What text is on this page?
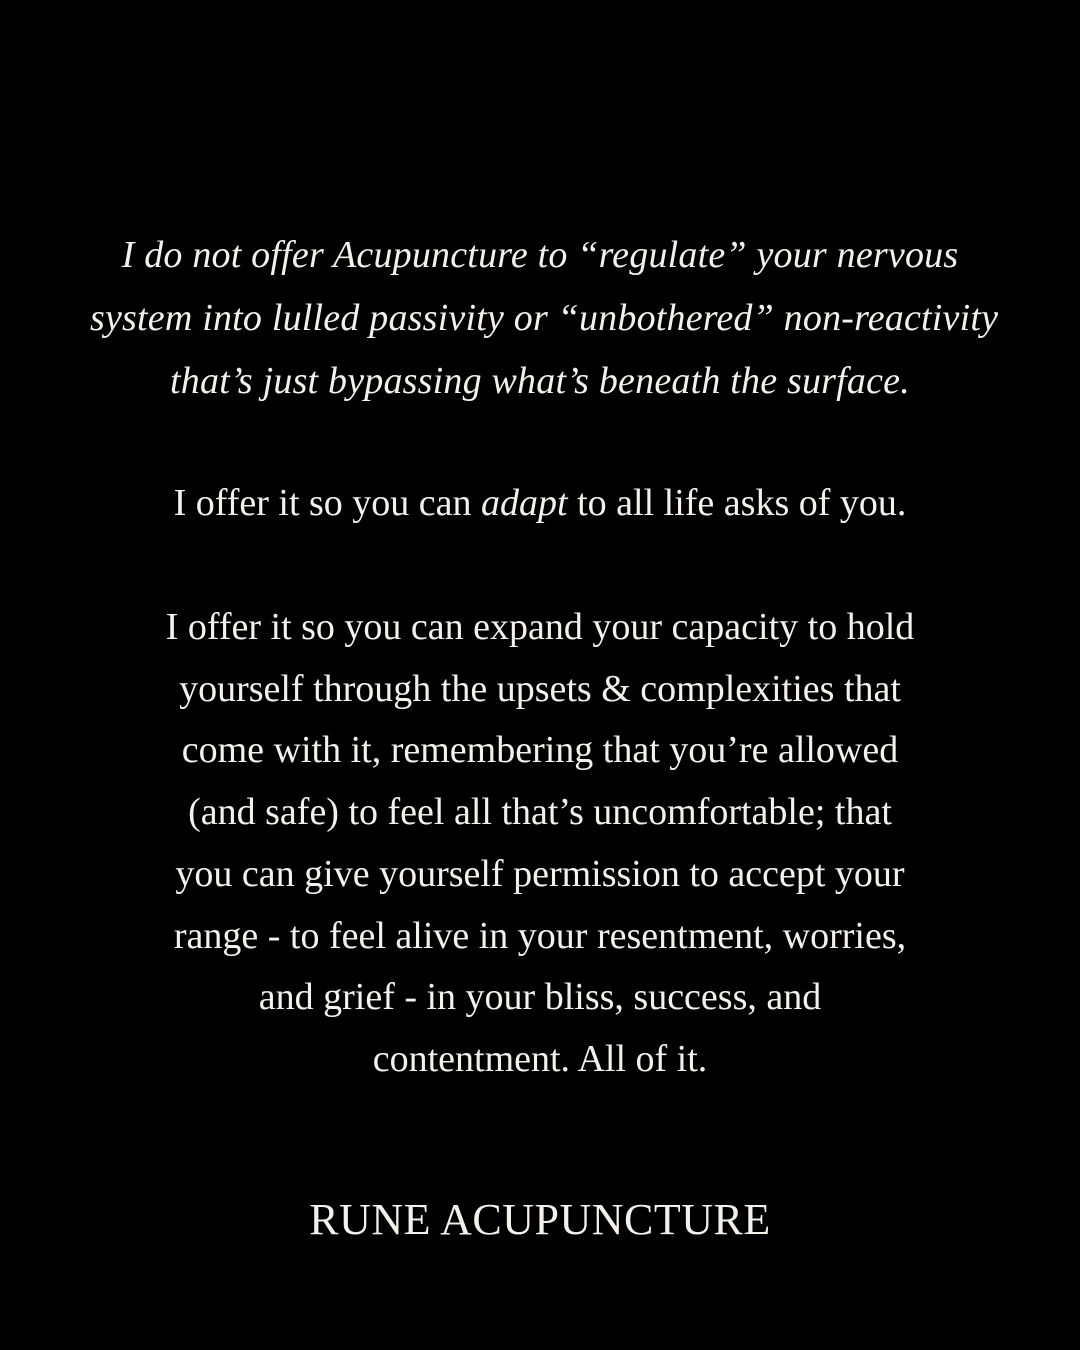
I do not offer Acupuncture to “regulate” your nervous
system into lulled passivity or “unbothered” non-reactivity
that’s just bypassing what’s beneath the surface.
I offer it so you can adapt to all life asks of you.
I offer it so you can expand your capacity to hold
yourself through the upsets & complexities that
come with it, remembering that you’re allowed
(and safe) to feel all that’s uncomfortable; that
you can give yourself permission to accept your
range - to feel alive in your resentment, worries,
and grief - in your bliss, success, and
contentment. All of it.
RUNE ACUPUNCTURE
